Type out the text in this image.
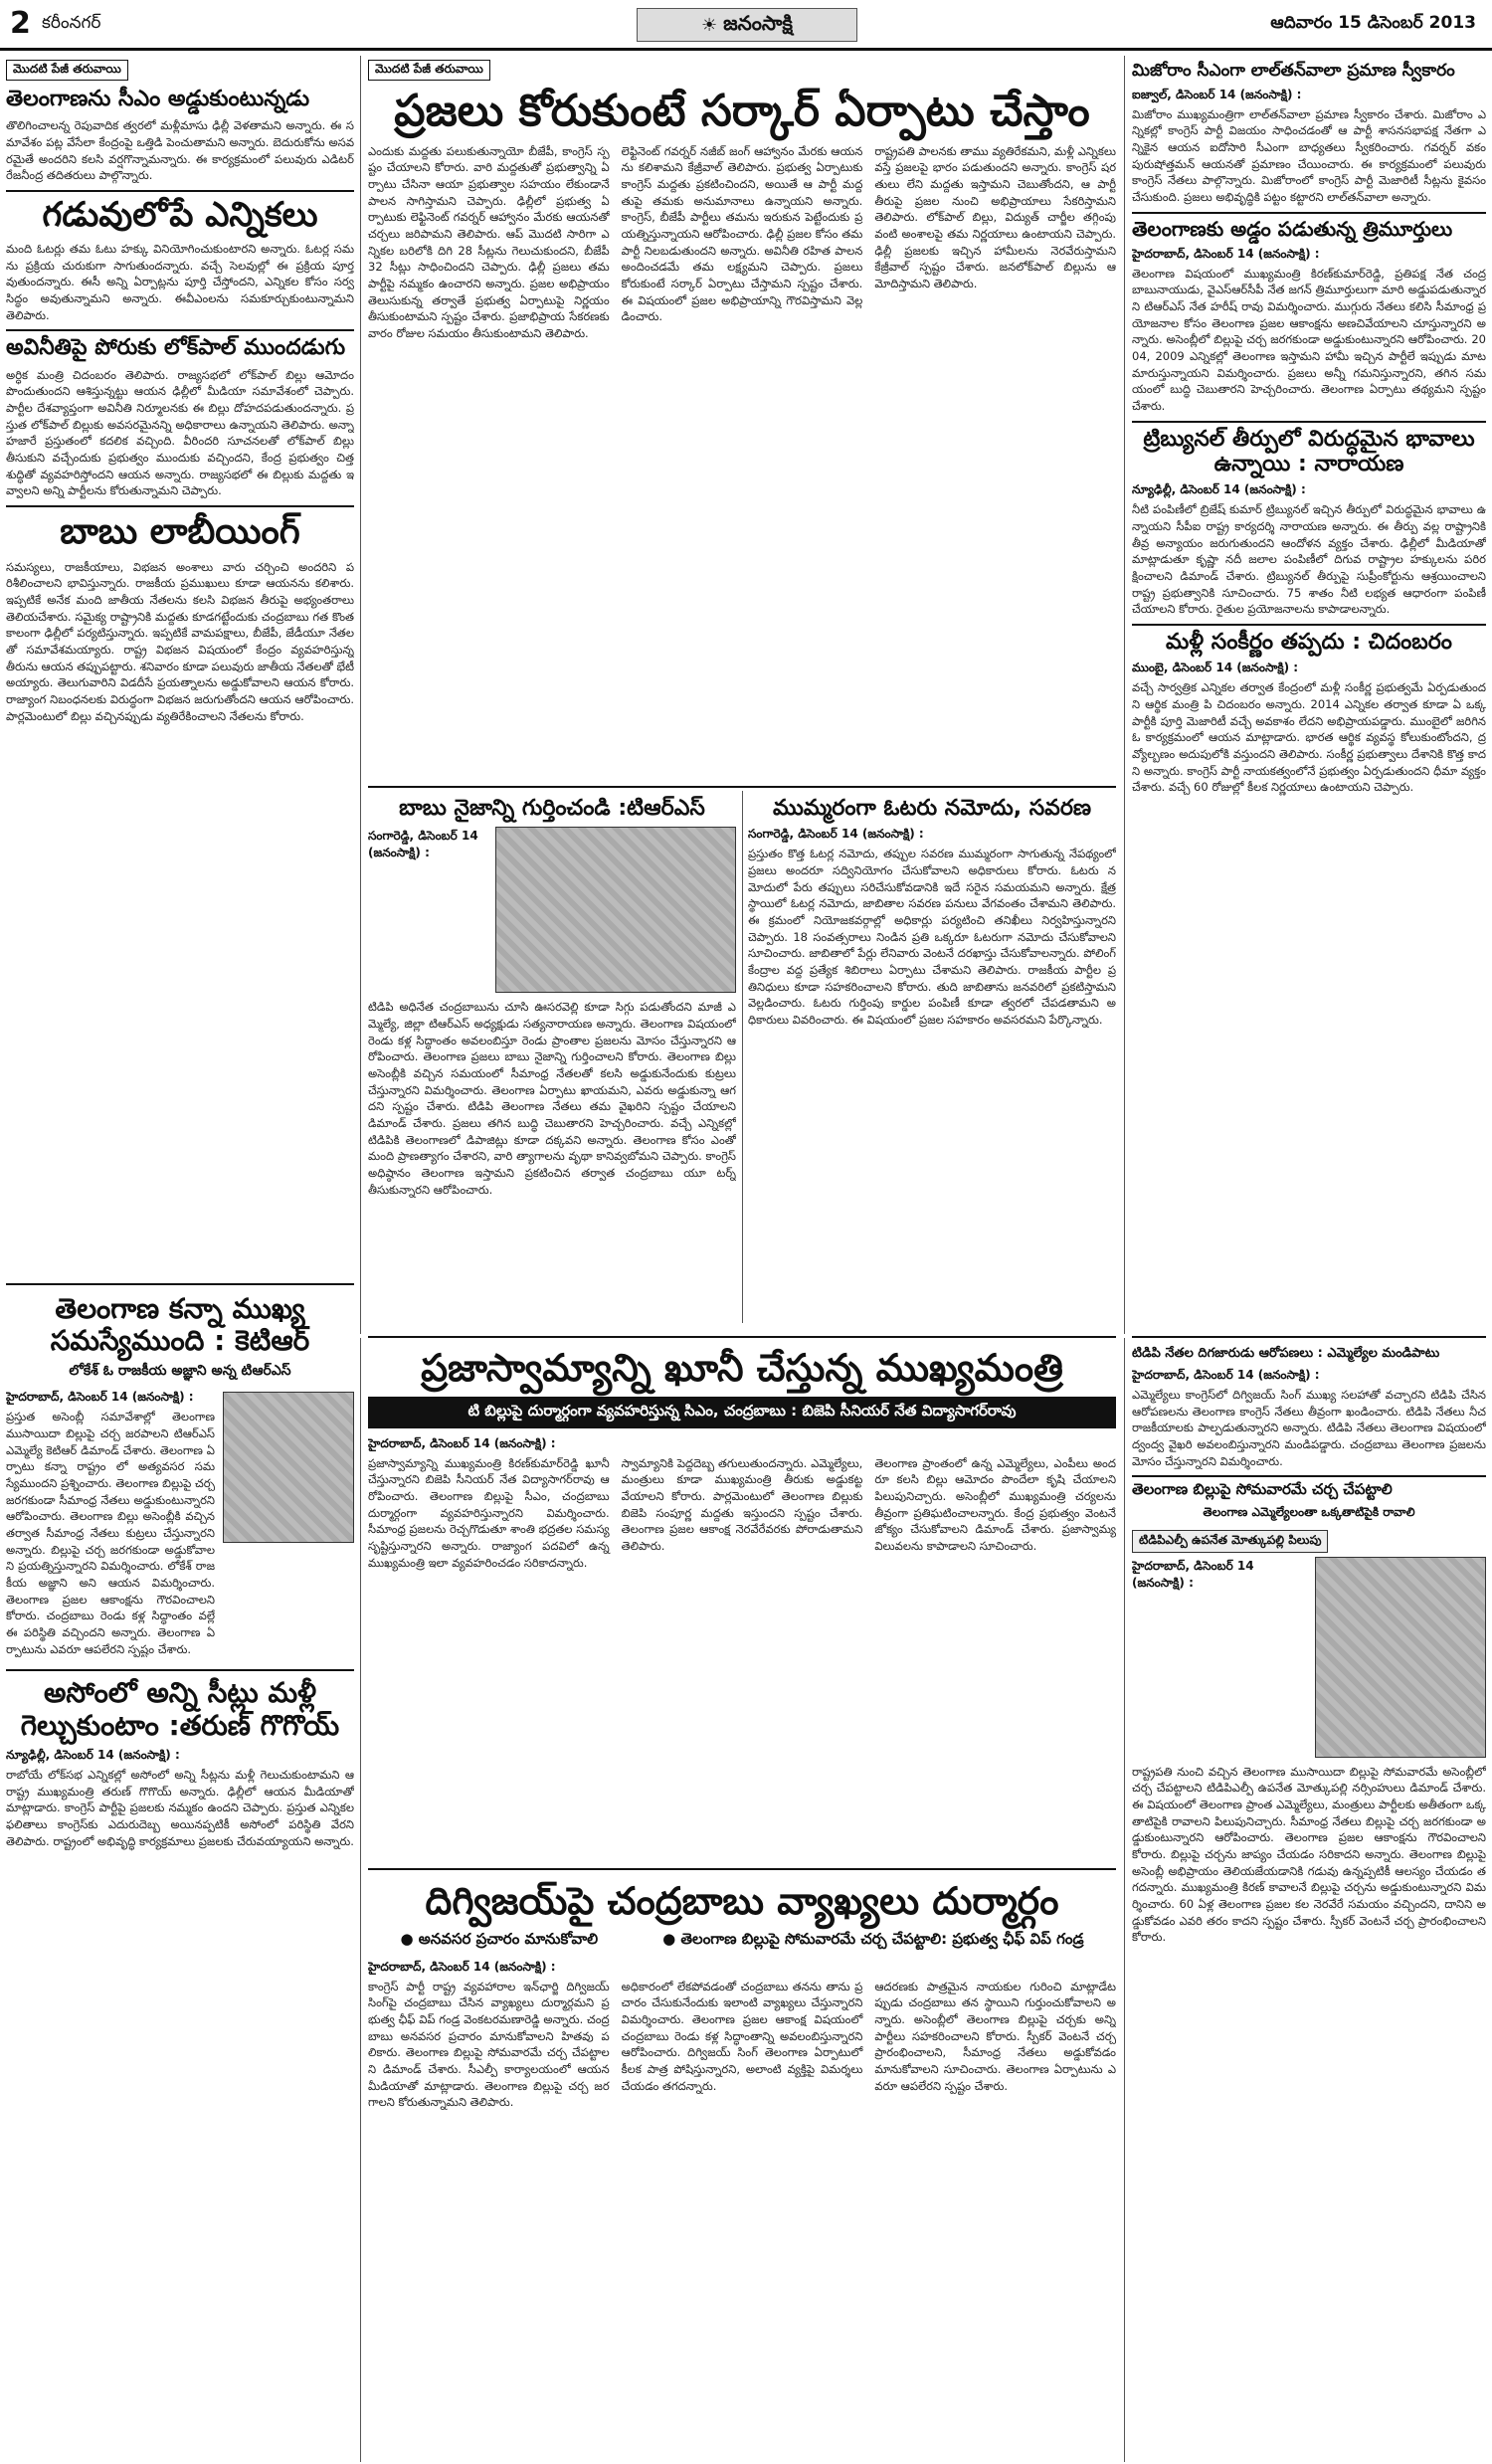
2 కరీంనగర్	☀ జనంసాక్షి	ఆదివారం 15 డిసెంబర్ 2013
మొదటి పేజీ తరువాయి
తెలంగాణను సీఎం అడ్డుకుంటున్నడు
తొలిగించాలన్న రెపువాదిక త్వరలో మళ్లీమాసు ఢిల్లీ వెళతామని అన్నారు. ఈ సమావేశం పట్ల వేసేలా కేంద్రంపై ఒత్తిడి పెంచుతామని అన్నారు. బెదురుకోను అసవరమైతే అందరిని కలసి వర్షగొన్నామన్నారు. ఈ కార్యక్రమంలో పలువురు ఎడిటర్ రేజనీంద్ర తదితరులు పాల్గొన్నారు.
గడువులోపే ఎన్నికలు
మంది ఓటర్లు తమ ఓటు హక్కు వినియోగించుకుంటారని అన్నారు. ఓటర్ల సమను ప్రక్రియ చురుకుగా సాగుతుందన్నారు. వచ్చే సెలవుల్లో ఈ ప్రక్రియ పూర్తవుతుందన్నారు. ఈసీ అన్ని ఏర్పాట్లను పూర్తి చేస్తోందని, ఎన్నికల కోసం సర్వసిద్ధం అవుతున్నామని అన్నారు. ఈవీఎంలను సమకూర్చుకుంటున్నామని తెలిపారు.
అవినీతిపై పోరుకు లోక్‌పాల్ ముందడుగు
అర్ధిక మంత్రి చిదంబరం తెలిపారు. రాజ్యసభలో లోక్‌పాల్ బిల్లు ఆమోదం పొందుతుందని ఆశిస్తున్నట్టు ఆయన ఢిల్లీలో మీడియా సమావేశంలో చెప్పారు. పార్టీల దేశవ్యాప్తంగా అవినీతి నిర్మూలనకు ఈ బిల్లు దోహదపడుతుందన్నారు. ప్రస్తుత లోక్‌పాల్ బిల్లుకు అవసరమైనన్ని అధికారాలు ఉన్నాయని తెలిపారు. అన్నా హజారే ప్రస్తుతంలో కదలిక వచ్చింది. వీరిందరి సూచనలతో లోక్‌పాల్ బిల్లు తీసుకుని వచ్చేందుకు ప్రభుత్వం ముందుకు వచ్చిందని, కేంద్ర ప్రభుత్వం చిత్తశుద్ధితో వ్యవహరిస్తోందని ఆయన అన్నారు. రాజ్యసభలో ఈ బిల్లుకు మద్దతు ఇవ్వాలని అన్ని పార్టీలను కోరుతున్నామని చెప్పారు.
బాబు లాబీయింగ్
సమస్యలు, రాజకీయాలు, విభజన అంశాలు వారు చర్చించి అందరిని పరిశీలించాలని భావిస్తున్నారు. రాజకీయ ప్రముఖులు కూడా ఆయనను కలిశారు. ఇప్పటికే అనేక మంది జాతీయ నేతలను కలసి విభజన తీరుపై అభ్యంతరాలు తెలియచేశారు. సమైక్య రాష్ట్రానికి మద్దతు కూడగట్టేందుకు చంద్రబాబు గత కొంతకాలంగా ఢిల్లీలో పర్యటిస్తున్నారు. ఇప్పటికే వామపక్షాలు, బీజేపీ, జేడీయూ నేతలతో సమావేశమయ్యారు. రాష్ట్ర విభజన విషయంలో కేంద్రం వ్యవహరిస్తున్న తీరును ఆయన తప్పుపట్టారు. శనివారం కూడా పలువురు జాతీయ నేతలతో భేటీ అయ్యారు. తెలుగువారిని విడదీసే ప్రయత్నాలను అడ్డుకోవాలని ఆయన కోరారు. రాజ్యాంగ నిబంధనలకు విరుద్ధంగా విభజన జరుగుతోందని ఆయన ఆరోపించారు. పార్లమెంటులో బిల్లు వచ్చినప్పుడు వ్యతిరేకించాలని నేతలను కోరారు.
తెలంగాణ కన్నా ముఖ్య సమస్యేముంది : కెటిఆర్
లోకేశ్ ఓ రాజకీయ అజ్ఞాని అన్న టిఆర్ఎస్
హైదరాబాద్, డిసెంబర్ 14 (జనంసాక్షి) :
ప్రస్తుత అసెంబ్లీ సమావేశాల్లో తెలంగాణ ముసాయిదా బిల్లుపై చర్చ జరపాలని టిఆర్ఎస్ ఎమ్మెల్యే కెటిఆర్ డిమాండ్ చేశారు. తెలంగాణ ఏర్పాటు కన్నా రాష్ట్రం లో అత్యవసర సమస్యేముందని ప్రశ్నించారు. తెలంగాణ బిల్లుపై చర్చ జరగకుండా సీమాంధ్ర నేతలు అడ్డుకుంటున్నారని ఆరోపించారు. తెలంగాణ బిల్లు అసెంబ్లీకి వచ్చిన తర్వాత సీమాంధ్ర నేతలు కుట్రలు చేస్తున్నారని అన్నారు. బిల్లుపై చర్చ జరగకుండా అడ్డుకోవాలని ప్రయత్నిస్తున్నారని విమర్శించారు. లోకేశ్ రాజకీయ అజ్ఞాని అని ఆయన విమర్శించారు. తెలంగాణ ప్రజల ఆకాంక్షను గౌరవించాలని కోరారు. చంద్రబాబు రెండు కళ్ల సిద్ధాంతం వల్లే ఈ పరిస్థితి వచ్చిందని అన్నారు. తెలంగాణ ఏర్పాటును ఎవరూ ఆపలేరని స్పష్టం చేశారు.
అసోంలో అన్ని సీట్లు మళ్లీ గెల్చుకుంటాం :తరుణ్ గొగొయ్
న్యూఢిల్లీ, డిసెంబర్ 14 (జనంసాక్షి) :
రాబోయే లోక్‌సభ ఎన్నికల్లో అసోంలో అన్ని సీట్లను మళ్లీ గెలుచుకుంటామని ఆ రాష్ట్ర ముఖ్యమంత్రి తరుణ్ గొగొయ్ అన్నారు. ఢిల్లీలో ఆయన మీడియాతో మాట్లాడారు. కాంగ్రెస్ పార్టీపై ప్రజలకు నమ్మకం ఉందని చెప్పారు. ప్రస్తుత ఎన్నికల ఫలితాలు కాంగ్రెస్‌కు ఎదురుదెబ్బ అయినప్పటికీ అసోంలో పరిస్థితి వేరని తెలిపారు. రాష్ట్రంలో అభివృద్ధి కార్యక్రమాలు ప్రజలకు చేరువయ్యాయని అన్నారు.
మొదటి పేజీ తరువాయి
ప్రజలు కోరుకుంటే సర్కార్ ఏర్పాటు చేస్తాం
ఎందుకు మద్దతు పలుకుతున్నాయో బీజేపీ, కాంగ్రెస్ స్పష్టం చేయాలని కోరారు. వారి మద్దతుతో ప్రభుత్వాన్ని ఏర్పాటు చేసినా ఆయా ప్రభుత్వాల సహయం లేకుండానే పాలన సాగిస్తామని చెప్పారు. ఢిల్లీలో ప్రభుత్వ ఏర్పాటుకు లెఫ్టినెంట్ గవర్నర్ ఆహ్వానం మేరకు ఆయనతో చర్చలు జరిపామని తెలిపారు. ఆప్ మొదటి సారిగా ఎన్నికల బరిలోకి దిగి 28 సీట్లను గెలుచుకుందని, బీజేపీ 32 సీట్లు సాధించిందని చెప్పారు. ఢిల్లీ ప్రజలు తమ పార్టీపై నమ్మకం ఉంచారని అన్నారు. ప్రజల అభిప్రాయం తెలుసుకున్న తర్వాతే ప్రభుత్వ ఏర్పాటుపై నిర్ణయం తీసుకుంటామని స్పష్టం చేశారు. ప్రజాభిప్రాయ సేకరణకు వారం రోజుల సమయం తీసుకుంటామని తెలిపారు.
లెఫ్టినెంట్ గవర్నర్ నజీబ్ జంగ్ ఆహ్వానం మేరకు ఆయనను కలిశామని కేజ్రీవాల్ తెలిపారు. ప్రభుత్వ ఏర్పాటుకు కాంగ్రెస్ మద్దతు ప్రకటించిందని, అయితే ఆ పార్టీ మద్దతుపై తమకు అనుమానాలు ఉన్నాయని అన్నారు. కాంగ్రెస్, బీజేపీ పార్టీలు తమను ఇరుకున పెట్టేందుకు ప్రయత్నిస్తున్నాయని ఆరోపించారు. ఢిల్లీ ప్రజల కోసం తమ పార్టీ నిలబడుతుందని అన్నారు. అవినీతి రహిత పాలన అందించడమే తమ లక్ష్యమని చెప్పారు. ప్రజలు కోరుకుంటే సర్కార్ ఏర్పాటు చేస్తామని స్పష్టం చేశారు. ఈ విషయంలో ప్రజల అభిప్రాయాన్ని గౌరవిస్తామని వెల్లడించారు.
రాష్ట్రపతి పాలనకు తాము వ్యతిరేకమని, మళ్లీ ఎన్నికలు వస్తే ప్రజలపై భారం పడుతుందని అన్నారు. కాంగ్రెస్ షరతులు లేని మద్దతు ఇస్తామని చెబుతోందని, ఆ పార్టీ తీరుపై ప్రజల నుంచి అభిప్రాయాలు సేకరిస్తామని తెలిపారు. లోక్‌పాల్ బిల్లు, విద్యుత్ చార్జీల తగ్గింపు వంటి అంశాలపై తమ నిర్ణయాలు ఉంటాయని చెప్పారు. ఢిల్లీ ప్రజలకు ఇచ్చిన హామీలను నెరవేరుస్తామని కేజ్రీవాల్ స్పష్టం చేశారు. జనలోక్‌పాల్ బిల్లును ఆమోదిస్తామని తెలిపారు.
బాబు నైజాన్ని గుర్తించండి :టిఆర్ఎస్
సంగారెడ్డి, డిసెంబర్ 14 (జనంసాక్షి) :
టిడిపి అధినేత చంద్రబాబును చూసి ఊసరవెల్లి కూడా సిగ్గు పడుతోందని మాజీ ఎమ్మెల్యే, జిల్లా టిఆర్ఎస్ అధ్యక్షుడు సత్యనారాయణ అన్నారు. తెలంగాణ విషయంలో రెండు కళ్ల సిద్ధాంతం అవలంబిస్తూ రెండు ప్రాంతాల ప్రజలను మోసం చేస్తున్నారని ఆరోపించారు. తెలంగాణ ప్రజలు బాబు నైజాన్ని గుర్తించాలని కోరారు. తెలంగాణ బిల్లు అసెంబ్లీకి వచ్చిన సమయంలో సీమాంధ్ర నేతలతో కలసి అడ్డుకునేందుకు కుట్రలు చేస్తున్నారని విమర్శించారు. తెలంగాణ ఏర్పాటు ఖాయమని, ఎవరు అడ్డుకున్నా ఆగదని స్పష్టం చేశారు. టిడిపి తెలంగాణ నేతలు తమ వైఖరిని స్పష్టం చేయాలని డిమాండ్ చేశారు. ప్రజలు తగిన బుద్ధి చెబుతారని హెచ్చరించారు. వచ్చే ఎన్నికల్లో టిడిపికి తెలంగాణలో డిపాజిట్లు కూడా దక్కవని అన్నారు. తెలంగాణ కోసం ఎంతో మంది ప్రాణత్యాగం చేశారని, వారి త్యాగాలను వృథా కానివ్వబోమని చెప్పారు. కాంగ్రెస్ అధిష్ఠానం తెలంగాణ ఇస్తామని ప్రకటించిన తర్వాత చంద్రబాబు యూ టర్న్ తీసుకున్నారని ఆరోపించారు.
ముమ్మరంగా ఓటరు నమోదు, సవరణ
సంగారెడ్డి, డిసెంబర్ 14 (జనంసాక్షి) :
ప్రస్తుతం కొత్త ఓటర్ల నమోదు, తప్పుల సవరణ ముమ్మరంగా సాగుతున్న నేపథ్యంలో ప్రజలు అందరూ సద్వినియోగం చేసుకోవాలని అధికారులు కోరారు. ఓటరు నమోదులో పేరు తప్పులు సరిచేసుకోవడానికి ఇదే సరైన సమయమని అన్నారు. క్షేత్రస్థాయిలో ఓటర్ల నమోదు, జాబితాల సవరణ పనులు వేగవంతం చేశామని తెలిపారు. ఈ క్రమంలో నియోజకవర్గాల్లో అధికార్లు పర్యటించి తనిఖీలు నిర్వహిస్తున్నారని చెప్పారు. 18 సంవత్సరాలు నిండిన ప్రతి ఒక్కరూ ఓటరుగా నమోదు చేసుకోవాలని సూచించారు. జాబితాలో పేర్లు లేనివారు వెంటనే దరఖాస్తు చేసుకోవాలన్నారు. పోలింగ్ కేంద్రాల వద్ద ప్రత్యేక శిబిరాలు ఏర్పాటు చేశామని తెలిపారు. రాజకీయ పార్టీల ప్రతినిధులు కూడా సహకరించాలని కోరారు. తుది జాబితాను జనవరిలో ప్రకటిస్తామని వెల్లడించారు. ఓటరు గుర్తింపు కార్డుల పంపిణీ కూడా త్వరలో చేపడతామని అధికారులు వివరించారు. ఈ విషయంలో ప్రజల సహకారం అవసరమని పేర్కొన్నారు.
మిజోరాం సీఎంగా లాల్‌తన్‌వాలా ప్రమాణ స్వీకారం
ఐజ్వాల్, డిసెంబర్ 14 (జనంసాక్షి) :
మిజోరాం ముఖ్యమంత్రిగా లాల్‌తన్‌వాలా ప్రమాణ స్వీకారం చేశారు. మిజోరాం ఎన్నికల్లో కాంగ్రెస్ పార్టీ విజయం సాధించడంతో ఆ పార్టీ శాసనసభాపక్ష నేతగా ఎన్నికైన ఆయన ఐదోసారి సీఎంగా బాధ్యతలు స్వీకరించారు. గవర్నర్ వకం పురుషోత్తమన్ ఆయనతో ప్రమాణం చేయించారు. ఈ కార్యక్రమంలో పలువురు కాంగ్రెస్ నేతలు పాల్గొన్నారు. మిజోరాంలో కాంగ్రెస్ పార్టీ మెజారిటీ సీట్లను కైవసం చేసుకుంది. ప్రజలు అభివృద్ధికి పట్టం కట్టారని లాల్‌తన్‌వాలా అన్నారు.
తెలంగాణకు అడ్డం పడుతున్న త్రిమూర్తులు
హైదరాబాద్, డిసెంబర్ 14 (జనంసాక్షి) :
తెలంగాణ విషయంలో ముఖ్యమంత్రి కిరణ్‌కుమార్‌రెడ్డి, ప్రతిపక్ష నేత చంద్రబాబునాయుడు, వైఎస్‌ఆర్‌సీపీ నేత జగన్ త్రిమూర్తులుగా మారి అడ్డుపడుతున్నారని టిఆర్ఎస్ నేత హరీష్ రావు విమర్శించారు. ముగ్గురు నేతలు కలిసి సీమాంధ్ర ప్రయోజనాల కోసం తెలంగాణ ప్రజల ఆకాంక్షను అణచివేయాలని చూస్తున్నారని అన్నారు. అసెంబ్లీలో బిల్లుపై చర్చ జరగకుండా అడ్డుకుంటున్నారని ఆరోపించారు. 2004, 2009 ఎన్నికల్లో తెలంగాణ ఇస్తామని హామీ ఇచ్చిన పార్టీలే ఇప్పుడు మాట మారుస్తున్నాయని విమర్శించారు. ప్రజలు అన్నీ గమనిస్తున్నారని, తగిన సమయంలో బుద్ధి చెబుతారని హెచ్చరించారు. తెలంగాణ ఏర్పాటు తథ్యమని స్పష్టం చేశారు.
ట్రిబ్యునల్ తీర్పులో విరుద్ధమైన భావాలు ఉన్నాయి : నారాయణ
న్యూఢిల్లీ, డిసెంబర్ 14 (జనంసాక్షి) :
నీటి పంపిణీలో బ్రిజేష్ కుమార్ ట్రిబ్యునల్ ఇచ్చిన తీర్పులో విరుద్ధమైన భావాలు ఉన్నాయని సీపీఐ రాష్ట్ర కార్యదర్శి నారాయణ అన్నారు. ఈ తీర్పు వల్ల రాష్ట్రానికి తీవ్ర అన్యాయం జరుగుతుందని ఆందోళన వ్యక్తం చేశారు. ఢిల్లీలో మీడియాతో మాట్లాడుతూ కృష్ణా నదీ జలాల పంపిణీలో దిగువ రాష్ట్రాల హక్కులను పరిరక్షించాలని డిమాండ్ చేశారు. ట్రిబ్యునల్ తీర్పుపై సుప్రీంకోర్టును ఆశ్రయించాలని రాష్ట్ర ప్రభుత్వానికి సూచించారు. 75 శాతం నీటి లభ్యత ఆధారంగా పంపిణీ చేయాలని కోరారు. రైతుల ప్రయోజనాలను కాపాడాలన్నారు.
మళ్లీ సంకీర్ణం తప్పదు : చిదంబరం
ముంబై, డిసెంబర్ 14 (జనంసాక్షి) :
వచ్చే సార్వత్రిక ఎన్నికల తర్వాత కేంద్రంలో మళ్లీ సంకీర్ణ ప్రభుత్వమే ఏర్పడుతుందని ఆర్థిక మంత్రి పి చిదంబరం అన్నారు. 2014 ఎన్నికల తర్వాత కూడా ఏ ఒక్క పార్టీకి పూర్తి మెజారిటీ వచ్చే అవకాశం లేదని అభిప్రాయపడ్డారు. ముంబైలో జరిగిన ఓ కార్యక్రమంలో ఆయన మాట్లాడారు. భారత ఆర్థిక వ్యవస్థ కోలుకుంటోందని, ద్రవ్యోల్బణం అదుపులోకి వస్తుందని తెలిపారు. సంకీర్ణ ప్రభుత్వాలు దేశానికి కొత్త కాదని అన్నారు. కాంగ్రెస్ పార్టీ నాయకత్వంలోనే ప్రభుత్వం ఏర్పడుతుందని ధీమా వ్యక్తం చేశారు. వచ్చే 60 రోజుల్లో కీలక నిర్ణయాలు ఉంటాయని చెప్పారు.
టిడిపి నేతల దిగజారుడు ఆరోపణలు : ఎమ్మెల్యేల మండిపాటు
హైదరాబాద్, డిసెంబర్ 14 (జనంసాక్షి) :
ఎమ్మెల్యేలు కాంగ్రెస్‌లో దిగ్విజయ్ సింగ్ ముఖ్య సలహాతో వచ్చారని టిడిపి చేసిన ఆరోపణలను తెలంగాణ కాంగ్రెస్ నేతలు తీవ్రంగా ఖండించారు. టిడిపి నేతలు నీచ రాజకీయాలకు పాల్పడుతున్నారని అన్నారు. టిడిపి నేతలు తెలంగాణ విషయంలో ద్వంద్వ వైఖరి అవలంబిస్తున్నారని మండిపడ్డారు. చంద్రబాబు తెలంగాణ ప్రజలను మోసం చేస్తున్నారని విమర్శించారు.
తెలంగాణ బిల్లుపై సోమవారమే చర్చ చేపట్టాలి
తెలంగాణ ఎమ్మెల్యేలంతా ఒక్కతాటిపైకి రావాలి
టిడిపిఎల్పీ ఉపనేత మోత్కుపల్లి పిలుపు
హైదరాబాద్, డిసెంబర్ 14 (జనంసాక్షి) :
రాష్ట్రపతి నుంచి వచ్చిన తెలంగాణ ముసాయిదా బిల్లుపై సోమవారమే అసెంబ్లీలో చర్చ చేపట్టాలని టిడిపిఎల్పీ ఉపనేత మోత్కుపల్లి నర్సింహులు డిమాండ్ చేశారు. ఈ విషయంలో తెలంగాణ ప్రాంత ఎమ్మెల్యేలు, మంత్రులు పార్టీలకు అతీతంగా ఒక్కతాటిపైకి రావాలని పిలుపునిచ్చారు. సీమాంధ్ర నేతలు బిల్లుపై చర్చ జరగకుండా అడ్డుకుంటున్నారని ఆరోపించారు. తెలంగాణ ప్రజల ఆకాంక్షను గౌరవించాలని కోరారు. బిల్లుపై చర్చను జాప్యం చేయడం సరికాదని అన్నారు. తెలంగాణ బిల్లుపై అసెంబ్లీ అభిప్రాయం తెలియజేయడానికి గడువు ఉన్నప్పటికీ ఆలస్యం చేయడం తగదన్నారు. ముఖ్యమంత్రి కిరణ్ కావాలనే బిల్లుపై చర్చను అడ్డుకుంటున్నారని విమర్శించారు. 60 ఏళ్ల తెలంగాణ ప్రజల కల నెరవేరే సమయం వచ్చిందని, దానిని అడ్డుకోవడం ఎవరి తరం కాదని స్పష్టం చేశారు. స్పీకర్ వెంటనే చర్చ ప్రారంభించాలని కోరారు.
ప్రజాస్వామ్యాన్ని ఖూనీ చేస్తున్న ముఖ్యమంత్రి
టి బిల్లుపై దుర్మార్గంగా వ్యవహరిస్తున్న సిఎం, చంద్రబాబు : బిజెపి సీనియర్ నేత విద్యాసాగర్‌రావు
హైదరాబాద్, డిసెంబర్ 14 (జనంసాక్షి) :
ప్రజాస్వామ్యాన్ని ముఖ్యమంత్రి కిరణ్‌కుమార్‌రెడ్డి ఖూనీ చేస్తున్నారని బిజెపి సీనియర్ నేత విద్యాసాగర్‌రావు ఆరోపించారు. తెలంగాణ బిల్లుపై సీఎం, చంద్రబాబు దుర్మార్గంగా వ్యవహరిస్తున్నారని విమర్శించారు. సీమాంధ్ర ప్రజలను రెచ్చగొడుతూ శాంతి భద్రతల సమస్య సృష్టిస్తున్నారని అన్నారు. రాజ్యాంగ పదవిలో ఉన్న ముఖ్యమంత్రి ఇలా వ్యవహరించడం సరికాదన్నారు.
స్వామ్యానికి పెద్దదెబ్బ తగులుతుందన్నారు. ఎమ్మెల్యేలు, మంత్రులు కూడా ముఖ్యమంత్రి తీరుకు అడ్డుకట్ట వేయాలని కోరారు. పార్లమెంటులో తెలంగాణ బిల్లుకు బిజెపి సంపూర్ణ మద్దతు ఇస్తుందని స్పష్టం చేశారు. తెలంగాణ ప్రజల ఆకాంక్ష నెరవేరేవరకు పోరాడుతామని తెలిపారు.
తెలంగాణ ప్రాంతంలో ఉన్న ఎమ్మెల్యేలు, ఎంపీలు అందరూ కలసి బిల్లు ఆమోదం పొందేలా కృషి చేయాలని పిలుపునిచ్చారు. అసెంబ్లీలో ముఖ్యమంత్రి చర్యలను తీవ్రంగా ప్రతిఘటించాలన్నారు. కేంద్ర ప్రభుత్వం వెంటనే జోక్యం చేసుకోవాలని డిమాండ్ చేశారు. ప్రజాస్వామ్య విలువలను కాపాడాలని సూచించారు.
దిగ్విజయ్‌పై చంద్రబాబు వ్యాఖ్యలు దుర్మార్గం
● అనవసర ప్రచారం మానుకోవాలి	● తెలంగాణ బిల్లుపై సోమవారమే చర్చ చేపట్టాలి: ప్రభుత్వ ఛీఫ్ విప్ గండ్ర
హైదరాబాద్, డిసెంబర్ 14 (జనంసాక్షి) :
కాంగ్రెస్ పార్టీ రాష్ట్ర వ్యవహారాల ఇన్‌ఛార్జి దిగ్విజయ్ సింగ్‌పై చంద్రబాబు చేసిన వ్యాఖ్యలు దుర్మార్గమని ప్రభుత్వ ఛీఫ్ విప్ గండ్ర వెంకటరమణారెడ్డి అన్నారు. చంద్రబాబు అనవసర ప్రచారం మానుకోవాలని హితవు పలికారు. తెలంగాణ బిల్లుపై సోమవారమే చర్చ చేపట్టాలని డిమాండ్ చేశారు. సీఎల్పీ కార్యాలయంలో ఆయన మీడియాతో మాట్లాడారు. తెలంగాణ బిల్లుపై చర్చ జరగాలని కోరుతున్నామని తెలిపారు.
అధికారంలో లేకపోవడంతో చంద్రబాబు తనను తాను ప్రచారం చేసుకునేందుకు ఇలాంటి వ్యాఖ్యలు చేస్తున్నారని విమర్శించారు. తెలంగాణ ప్రజల ఆకాంక్ష విషయంలో చంద్రబాబు రెండు కళ్ల సిద్ధాంతాన్ని అవలంబిస్తున్నారని ఆరోపించారు. దిగ్విజయ్ సింగ్ తెలంగాణ ఏర్పాటులో కీలక పాత్ర పోషిస్తున్నారని, అలాంటి వ్యక్తిపై విమర్శలు చేయడం తగదన్నారు.
ఆదరణకు పాత్రమైన నాయకుల గురించి మాట్లాడేటప్పుడు చంద్రబాబు తన స్థాయిని గుర్తుంచుకోవాలని అన్నారు. అసెంబ్లీలో తెలంగాణ బిల్లుపై చర్చకు అన్ని పార్టీలు సహకరించాలని కోరారు. స్పీకర్ వెంటనే చర్చ ప్రారంభించాలని, సీమాంధ్ర నేతలు అడ్డుకోవడం మానుకోవాలని సూచించారు. తెలంగాణ ఏర్పాటును ఎవరూ ఆపలేరని స్పష్టం చేశారు.
